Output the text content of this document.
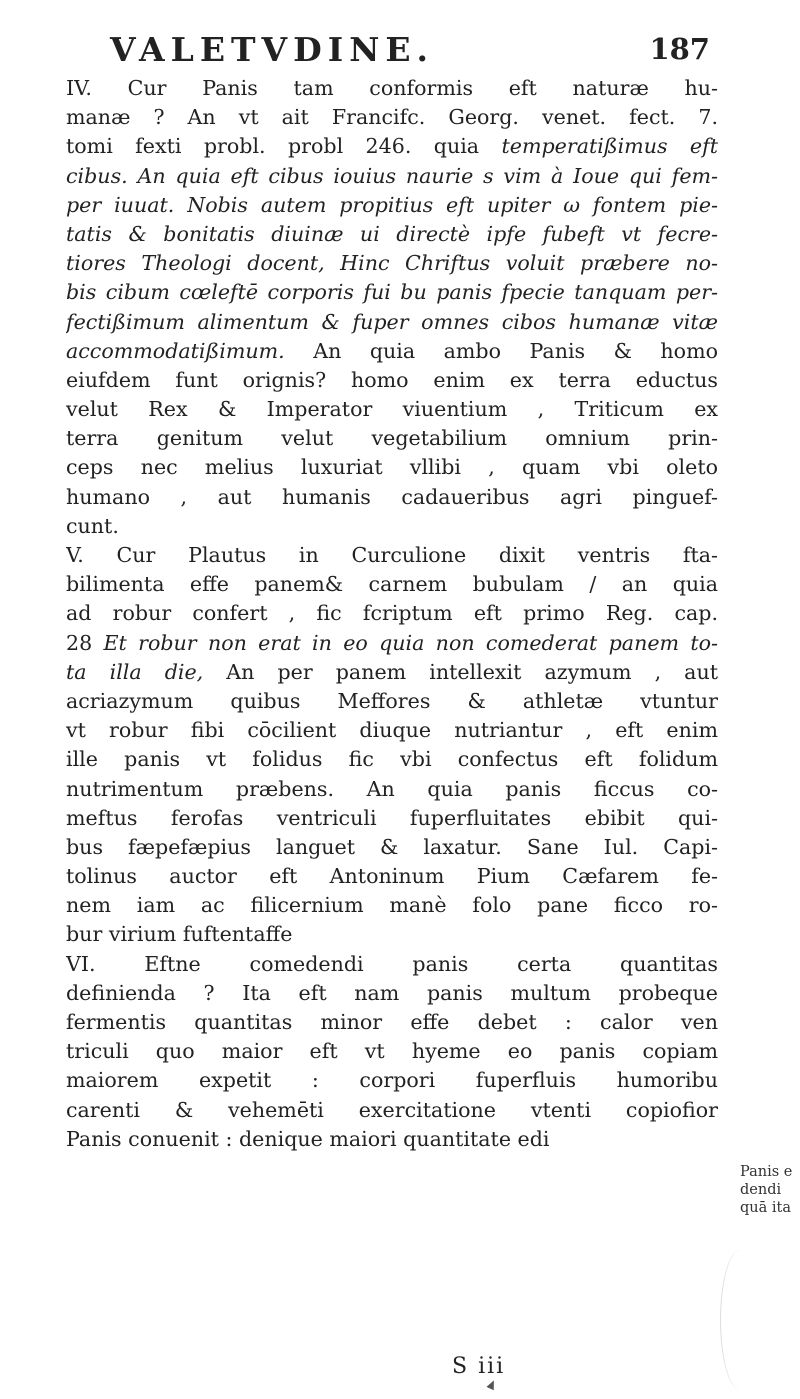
VALETVDINE.	187
IV. Cur Panis tam conformis eft naturæ hu-
manæ ? An vt ait Francifc. Georg. venet. fect. 7.
tomi fexti probl. probl 246. quia temperatißimus eft
cibus. An quia eft cibus iouius naurie s vim à Ioue qui fem-
per iuuat. Nobis autem propitius eft upiter ω fontem pie-
tatis & bonitatis diuinæ ui directè ipfe fubeft vt fecre-
tiores Theologi docent, Hinc Chriftus voluit præbere no-
bis cibum cœleftē corporis fui bu panis fpecie tanquam per-
fectißimum alimentum & fuper omnes cibos humanæ vitæ
accommodatißimum. An quia ambo Panis & homo
eiufdem funt orignis? homo enim ex terra eductus
velut Rex & Imperator viuentium , Triticum ex
terra genitum velut vegetabilium omnium prin-
ceps nec melius luxuriat vllibi , quam vbi oleto
humano , aut humanis cadaueribus agri pinguef-
cunt.
V. Cur Plautus in Curculione dixit ventris fta-
bilimenta effe panem& carnem bubulam / an quia
ad robur confert , fic fcriptum eft primo Reg. cap.
28 Et robur non erat in eo quia non comederat panem to-
ta illa die, An per panem intellexit azymum , aut
acriazymum quibus Meffores & athletæ vtuntur
vt robur fibi cōcilient diuque nutriantur , eft enim
ille panis vt folidus fic vbi confectus eft folidum
nutrimentum præbens. An quia panis ficcus co-
meftus ferofas ventriculi fuperfluitates ebibit qui-
bus fæpefæpius languet & laxatur. Sane Iul. Capi-
tolinus auctor eft Antoninum Pium Cæfarem fe-
nem iam ac filicernium manè folo pane ficco ro-
bur virium fuftentaffe
VI. Eftne comedendi panis certa quantitas
definienda ? Ita eft nam panis multum probeque
fermentis quantitas minor effe debet : calor ven
triculi quo maior eft vt hyeme eo panis copiam
maiorem expetit : corpori fuperfluis humoribu
carenti & vehemēti exercitatione vtenti copiofior
Panis conuenit : denique maiori quantitate edi
Panis e
dendi
quā ita
S iii
